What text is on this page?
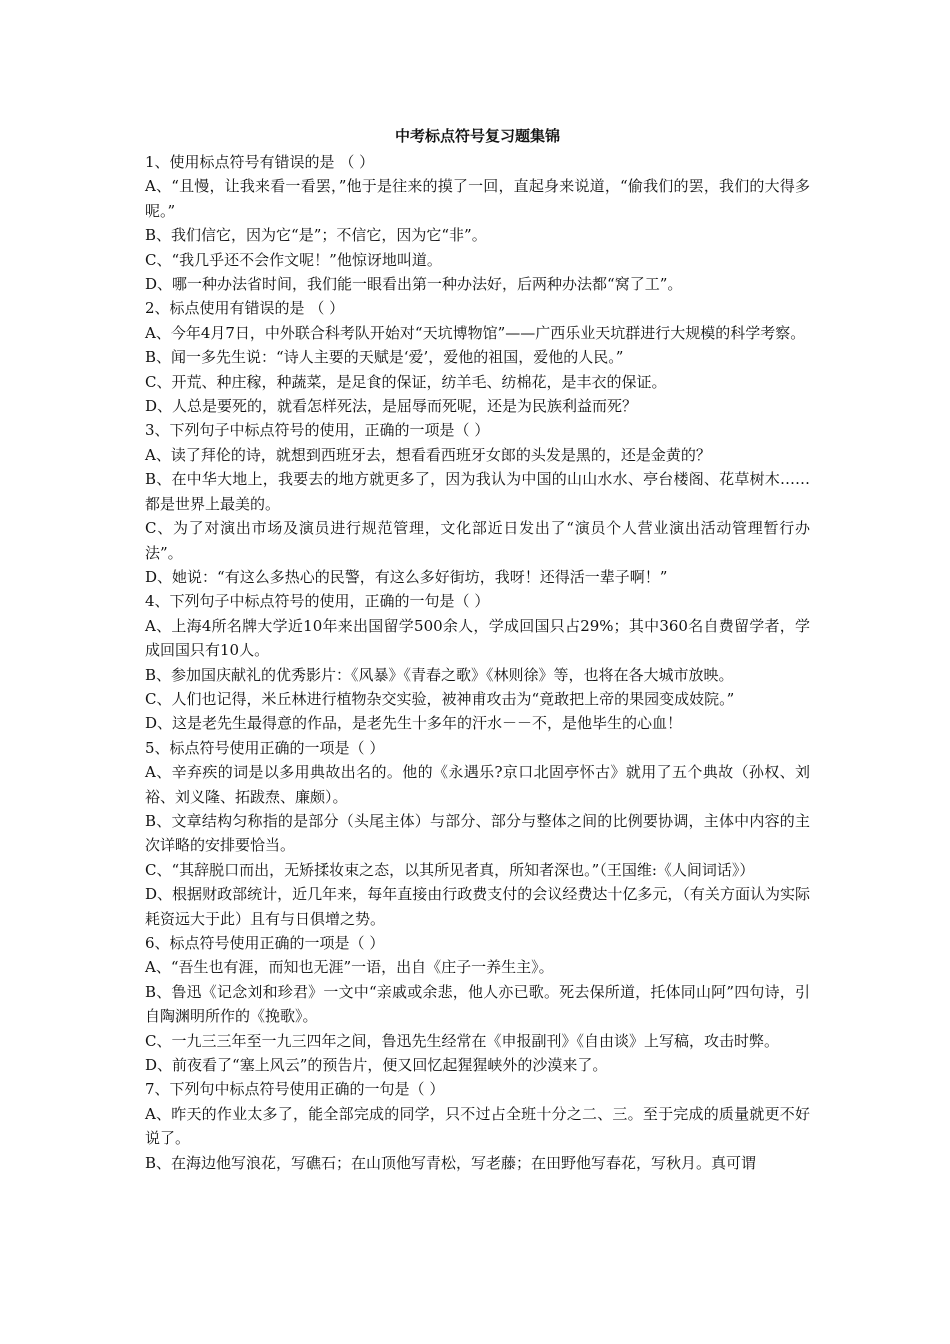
中考标点符号复习题集锦

1、使用标点符号有错误的是 （ ）

A、“且慢，让我来看一看罢，”他于是往来的摸了一回，直起身来说道，“偷我们的罢，我们的大得多呢。”

B、我们信它，因为它“是”；不信它，因为它“非”。

C、“我几乎还不会作文呢！”他惊讶地叫道。

D、哪一种办法省时间，我们能一眼看出第一种办法好，后两种办法都“窝了工”。

2、标点使用有错误的是 （ ）

A、今年4月7日，中外联合科考队开始对“天坑博物馆”——广西乐业天坑群进行大规模的科学考察。

B、闻一多先生说：“诗人主要的天赋是‘爱’，爱他的祖国，爱他的人民。”

C、开荒、种庄稼，种蔬菜，是足食的保证，纺羊毛、纺棉花，是丰衣的保证。

D、人总是要死的，就看怎样死法，是屈辱而死呢，还是为民族利益而死？

3、下列句子中标点符号的使用，正确的一项是（ ）

A、读了拜伦的诗，就想到西班牙去，想看看西班牙女郎的头发是黑的，还是金黄的？

B、在中华大地上，我要去的地方就更多了，因为我认为中国的山山水水、亭台楼阁、花草树木……都是世界上最美的。

C、为了对演出市场及演员进行规范管理，文化部近日发出了“演员个人营业演出活动管理暂行办法”。

D、她说：“有这么多热心的民警，有这么多好街坊，我呀！还得活一辈子啊！”

4、下列句子中标点符号的使用，正确的一句是（ ）

A、上海4所名牌大学近10年来出国留学500余人，学成回国只占29%；其中360名自费留学者，学成回国只有10人。

B、参加国庆献礼的优秀影片：《风暴》《青春之歌》《林则徐》等，也将在各大城市放映。

C、人们也记得，米丘林进行植物杂交实验，被神甫攻击为“竟敢把上帝的果园变成妓院。”

D、这是老先生最得意的作品，是老先生十多年的汗水－－不，是他毕生的心血！

5、标点符号使用正确的一项是（ ）

A、辛弃疾的词是以多用典故出名的。他的《永遇乐?京口北固亭怀古》就用了五个典故（孙权、刘裕、刘义隆、拓跋焘、廉颇）。

B、文章结构匀称指的是部分（头尾主体）与部分、部分与整体之间的比例要协调，主体中内容的主次详略的安排要恰当。

C、“其辞脱口而出，无矫揉妆束之态，以其所见者真，所知者深也。”（王国维:《人间词话》）

D、根据财政部统计，近几年来，每年直接由行政费支付的会议经费达十亿多元，（有关方面认为实际耗资远大于此）且有与日俱增之势。

6、标点符号使用正确的一项是（ ）

A、“吾生也有涯，而知也无涯”一语，出自《庄子一养生主》。

B、鲁迅《记念刘和珍君》一文中“亲戚或余悲，他人亦已歌。死去保所道，托体同山阿”四句诗，引自陶渊明所作的《挽歌》。

C、一九三三年至一九三四年之间，鲁迅先生经常在《申报副刊》《自由谈》上写稿，攻击时弊。

D、前夜看了“塞上风云”的预告片，便又回忆起猩猩峡外的沙漠来了。

7、下列句中标点符号使用正确的一句是（ ）

A、昨天的作业太多了，能全部完成的同学，只不过占全班十分之二、三。至于完成的质量就更不好说了。

B、在海边他写浪花，写礁石；在山顶他写青松，写老藤；在田野他写春花，写秋月。真可谓
